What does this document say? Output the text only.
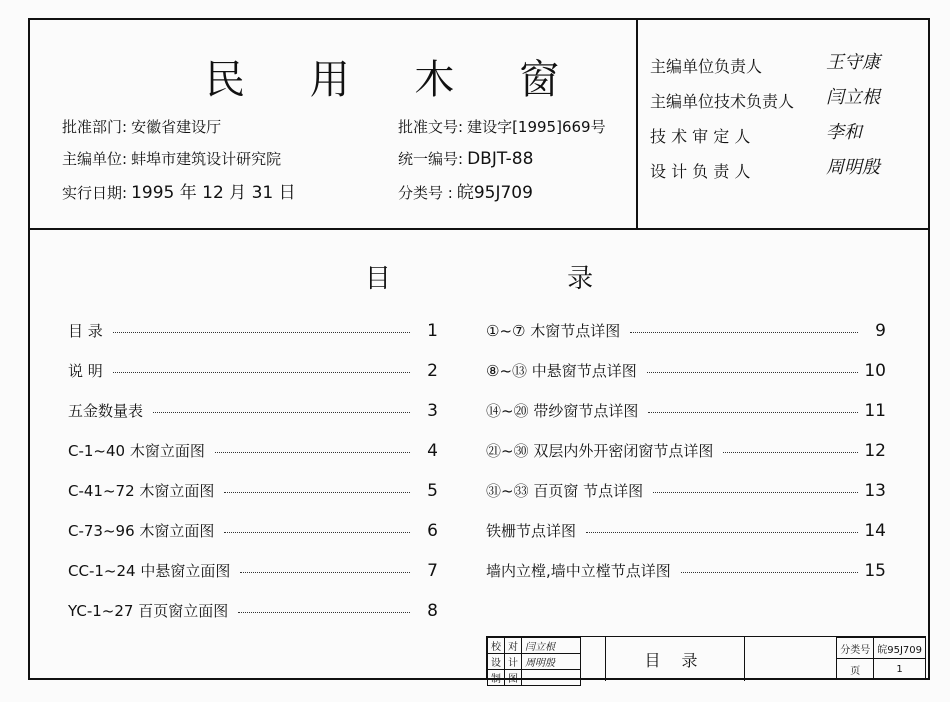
民 用 木 窗
批准部门: 安徽省建设厅
主编单位: 蚌埠市建筑设计研究院
实行日期: 1995 年 12 月 31 日
批准文号: 建设字[1995]669号
统一编号: DBJT-88
分类号 : 皖95J709
主编单位负责人	王守康
主编单位技术负责人 闫立根
技 术 审 定 人	李和
设 计 负 责 人	周明殷
目 录
目 录	1
说 明	2
五金数量表	3
C-1~40 木窗立面图	4
C-41~72 木窗立面图	5
C-73~96 木窗立面图	6
CC-1~24 中悬窗立面图	7
YC-1~27 百页窗立面图	8
①~⑦ 木窗节点详图	9
⑧~⑬ 中悬窗节点详图	10
⑭~⑳ 带纱窗节点详图	11
㉑~㉚ 双层内外开密闭窗节点详图	12
㉛~㉝ 百页窗 节点详图	13
铁栅节点详图	14
墙内立樘,墙中立樘节点详图	15
校	对	闫立根
设	计	周明殷
制	图	
目 录
分类号	皖95J709
页	1
